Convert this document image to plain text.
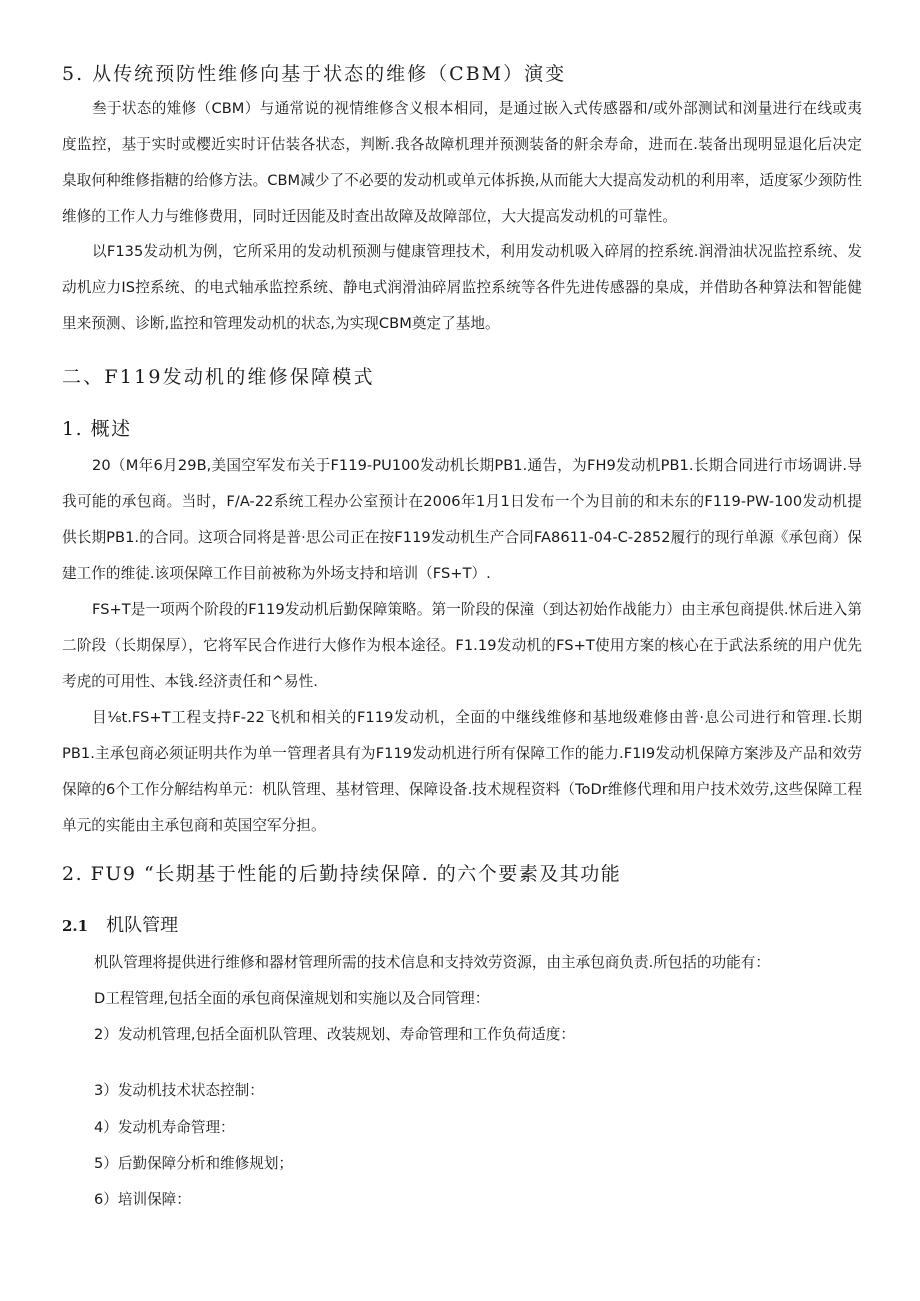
5. 从传统预防性维修向基于状态的维修（CBM）演变
叁于状态的雉修（CBM）与通常说的视情维修含义根本相同，是通过嵌入式传感器和/或外部测试和浏量进行在线或夷度监控，基于实时或樱近实时讦估装各状态，判断.我各故障机理并预测装备的鼾余寿命，进而在.装备出现明显退化后决定臬取何种维修指糖的给修方法。CBM减少了不必要的发动机或单元体拆换,从而能大大提高发动机的利用率，适度冢少颈防性维修的工作人力与维修费用，同时迁因能及时查出故障及故障部位，大大提高发动机的可靠性。
以F135发动机为例，它所采用的发动机预测与健康管理技术，利用发动机吸入碎屑的控系统.润滑油状况监控系统、发动机应力IS控系统、的电式轴承监控系统、静电式润滑油碎屑监控系统等各件先进传感器的臬成，并借助各种算法和智能健里来预测、诊断,监控和管理发动机的状态,为实现CBM奠定了基地。
二、F119发动机的维修保障模式
1. 概述
20（M年6月29B,美国空军发布关于F119-PU100发动机长期PB1.通告，为FH9发动机PB1.长期合同进行市场调讲.导我可能的承包商。当时，F/A-22系统工程办公室预计在2006年1月1日发布一个为目前的和未东的F119-PW-100发动机提供长期PB1.的合同。这项合同将是普·思公司正在按F119发动机生产合同FA8611-04-C-2852履行的现行单源《承包商）保建工作的维徒.该项保障工作目前被称为外场支持和培训（FS+T）.
FS+T是一项两个阶段的F119发动机后勤保障策略。第一阶段的保潼（到达初始作战能力）由主承包商提供.怵后进入第二阶段（长期保厚），它将军民合作进行大修作为根本途径。F1.19发动机的FS+T使用方案的核心在于武法系统的用户优先考虎的可用性、本钱.经济责任和^易性.
目⅛t.FS+T工程支持F-22飞机和相关的F119发动机，全面的中继线维修和基地级难修由普·息公司进行和管理.长期PB1.主承包商必须证明共作为单一管理者具有为F119发动机进行所有保障工作的能力.F1I9发动机保障方案涉及产品和效劳保障的6个工作分解结构单元：机队管理、基材管理、保障设备.技术规程资料（ToDr维修代理和用户技术效劳,这些保障工程单元的实能由主承包商和英国空军分担。
2. FU9 “长期基于性能的后勤持续保障. 的六个要素及其功能
2.1 机队管理
机队管理将提供进行维修和器材管理所需的技术信息和支持效劳资源，由主承包商负责.所包括的功能有：
D工程管理,包括全面的承包商保潼规划和实施以及合同管理：
2）发动机管理,包括全面机队管理、改装规划、寿命管理和工作负荷适度：
3）发动机技术状态控制：
4）发动机寿命管理：
5）后勤保障分析和维修规划；
6）培训保障：
